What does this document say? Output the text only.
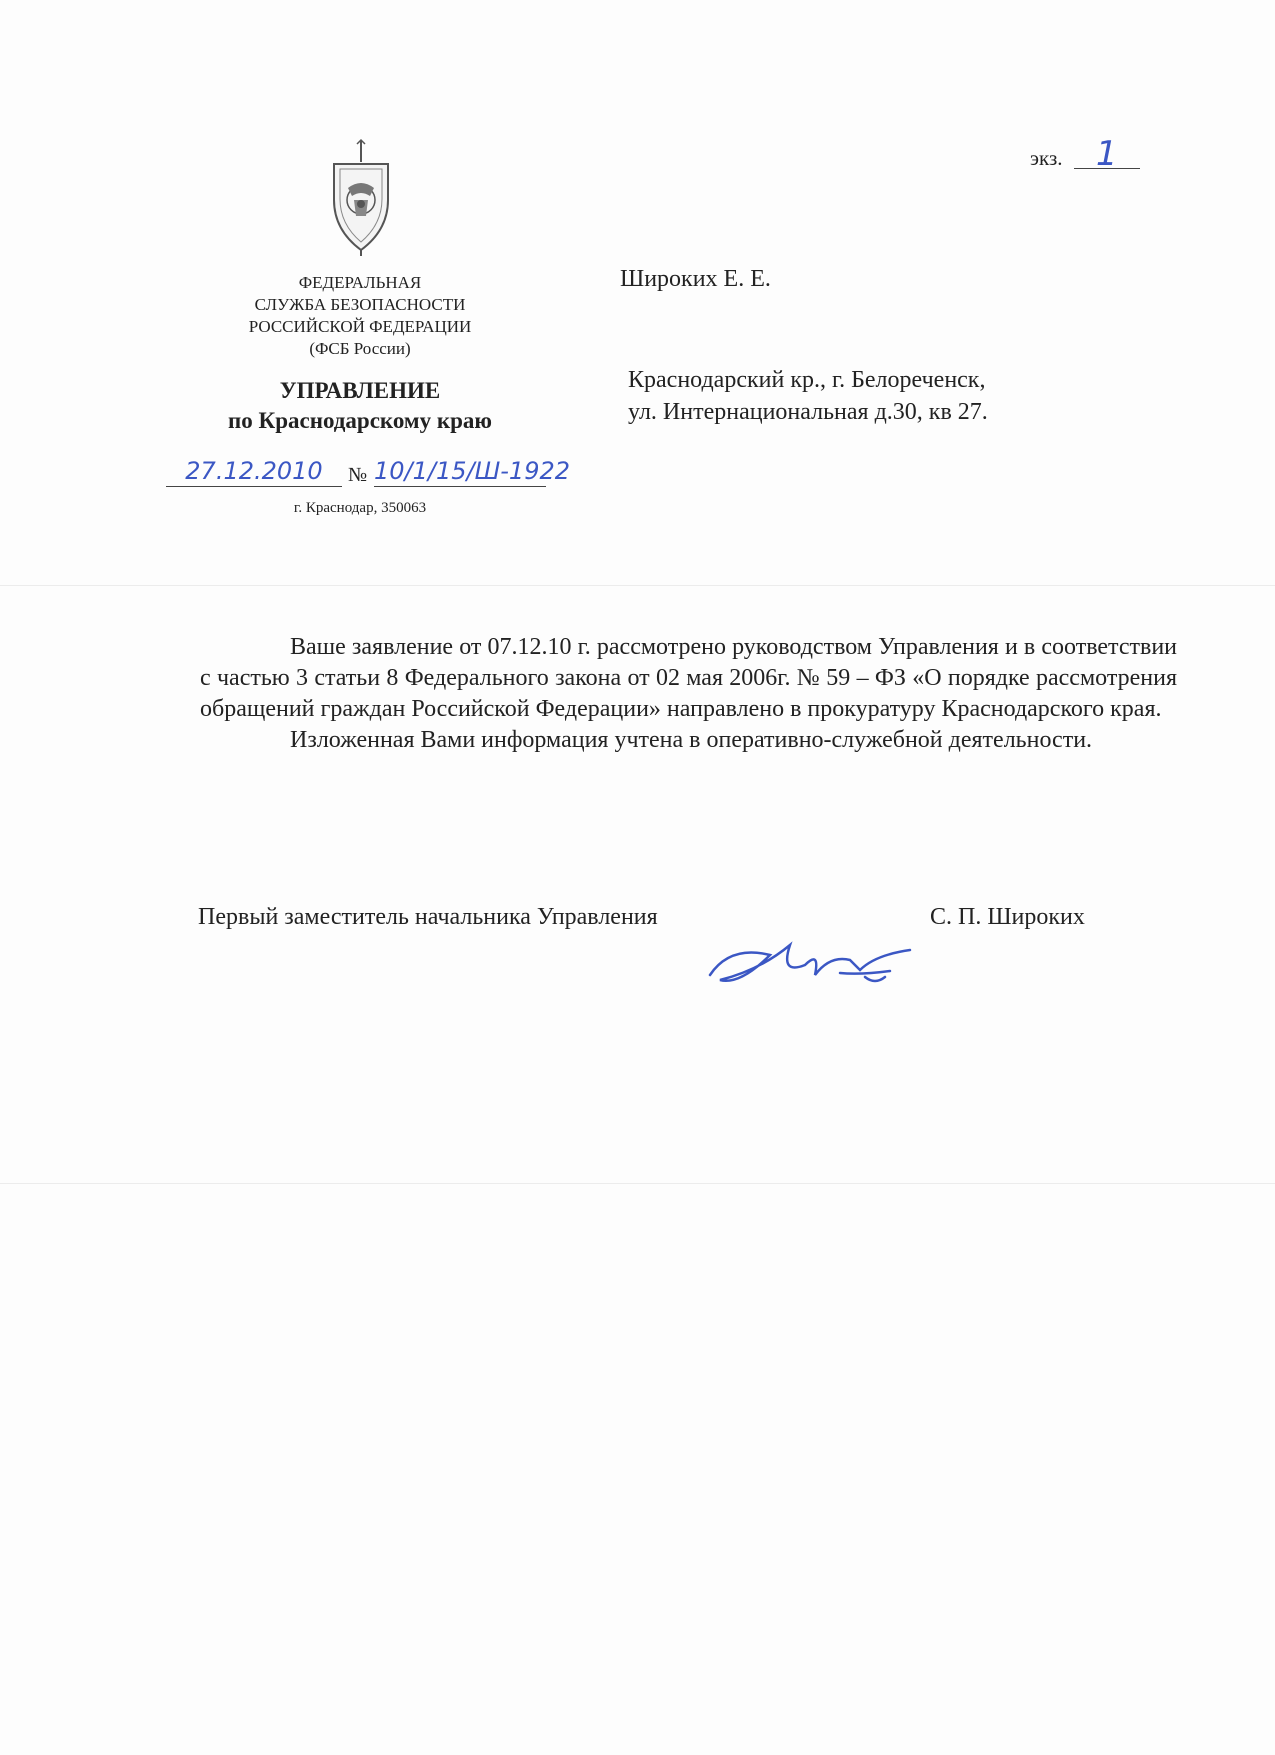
экз. 1
ФЕДЕРАЛЬНАЯ
СЛУЖБА БЕЗОПАСНОСТИ
РОССИЙСКОЙ ФЕДЕРАЦИИ
(ФСБ России)
УПРАВЛЕНИЕ
по Краснодарскому краю
27.12.2010	№ 10/1/15/Ш-1922
г. Краснодар, 350063
Широких Е. Е.
Краснодарский кр., г. Белореченск,
ул. Интернациональная д.30, кв 27.

Ваше заявление от 07.12.10 г. рассмотрено руководством Управления и в соответствии с частью 3 статьи 8 Федерального закона от 02 мая 2006г. № 59 – ФЗ «О порядке рассмотрения обращений граждан Российской Федерации» направлено в прокуратуру Краснодарского края.

Изложенная Вами информация учтена в оперативно-служебной деятельности.

Первый заместитель начальника Управления	С. П. Широких
